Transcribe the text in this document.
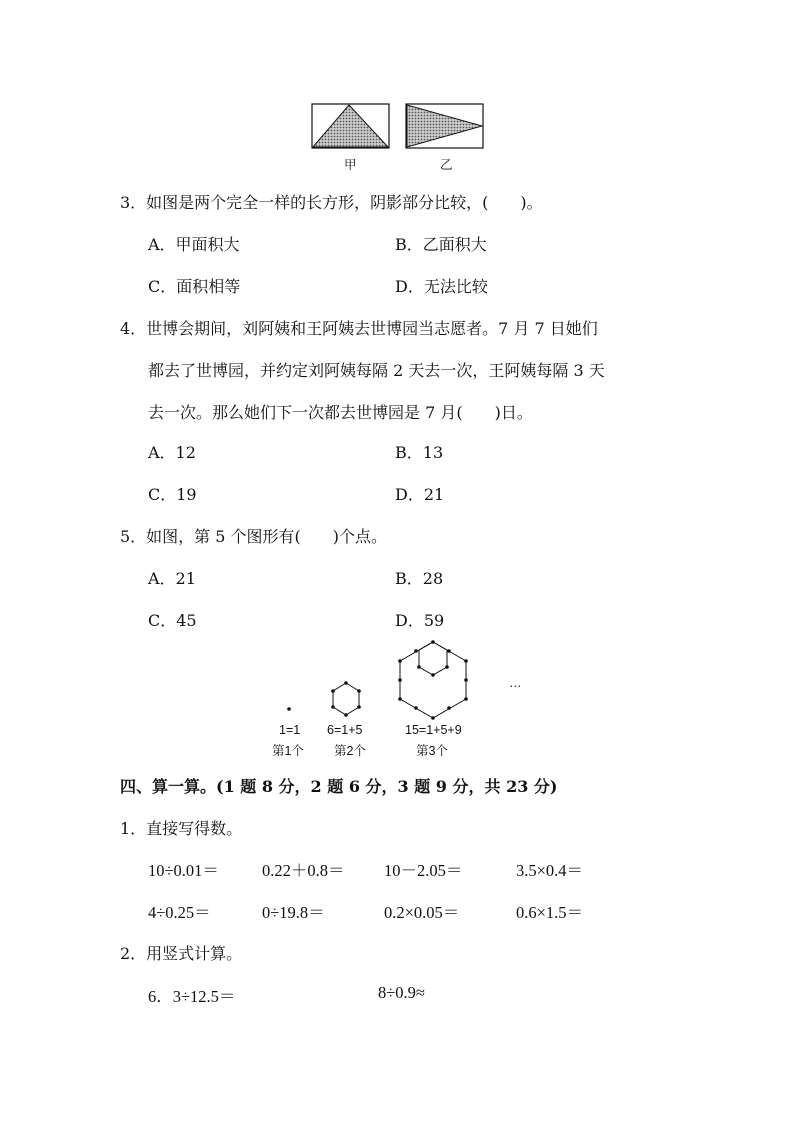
甲	乙
3．如图是两个完全一样的长方形，阴影部分比较，(　　)。
A．甲面积大	B．乙面积大
C．面积相等	D．无法比较
4．世博会期间，刘阿姨和王阿姨去世博园当志愿者。7 月 7 日她们
都去了世博园，并约定刘阿姨每隔 2 天去一次，王阿姨每隔 3 天
去一次。那么她们下一次都去世博园是 7 月(　　)日。
A．12	B．13
C．19	D．21
5．如图，第 5 个图形有(　　)个点。
A．21	B．28
C．45	D．59
…
1=1 6=1+5	15=1+5+9
第1个 第2个	第3个
四、算一算。(1 题 8 分，2 题 6 分，3 题 9 分，共 23 分)
1．直接写得数。
10÷0.01＝	0.22＋0.8＝ 10－2.05＝	3.5×0.4＝
4÷0.25＝	0÷19.8＝	0.2×0.05＝	0.6×1.5＝
2．用竖式计算。
6．3÷12.5＝	8÷0.9≈
